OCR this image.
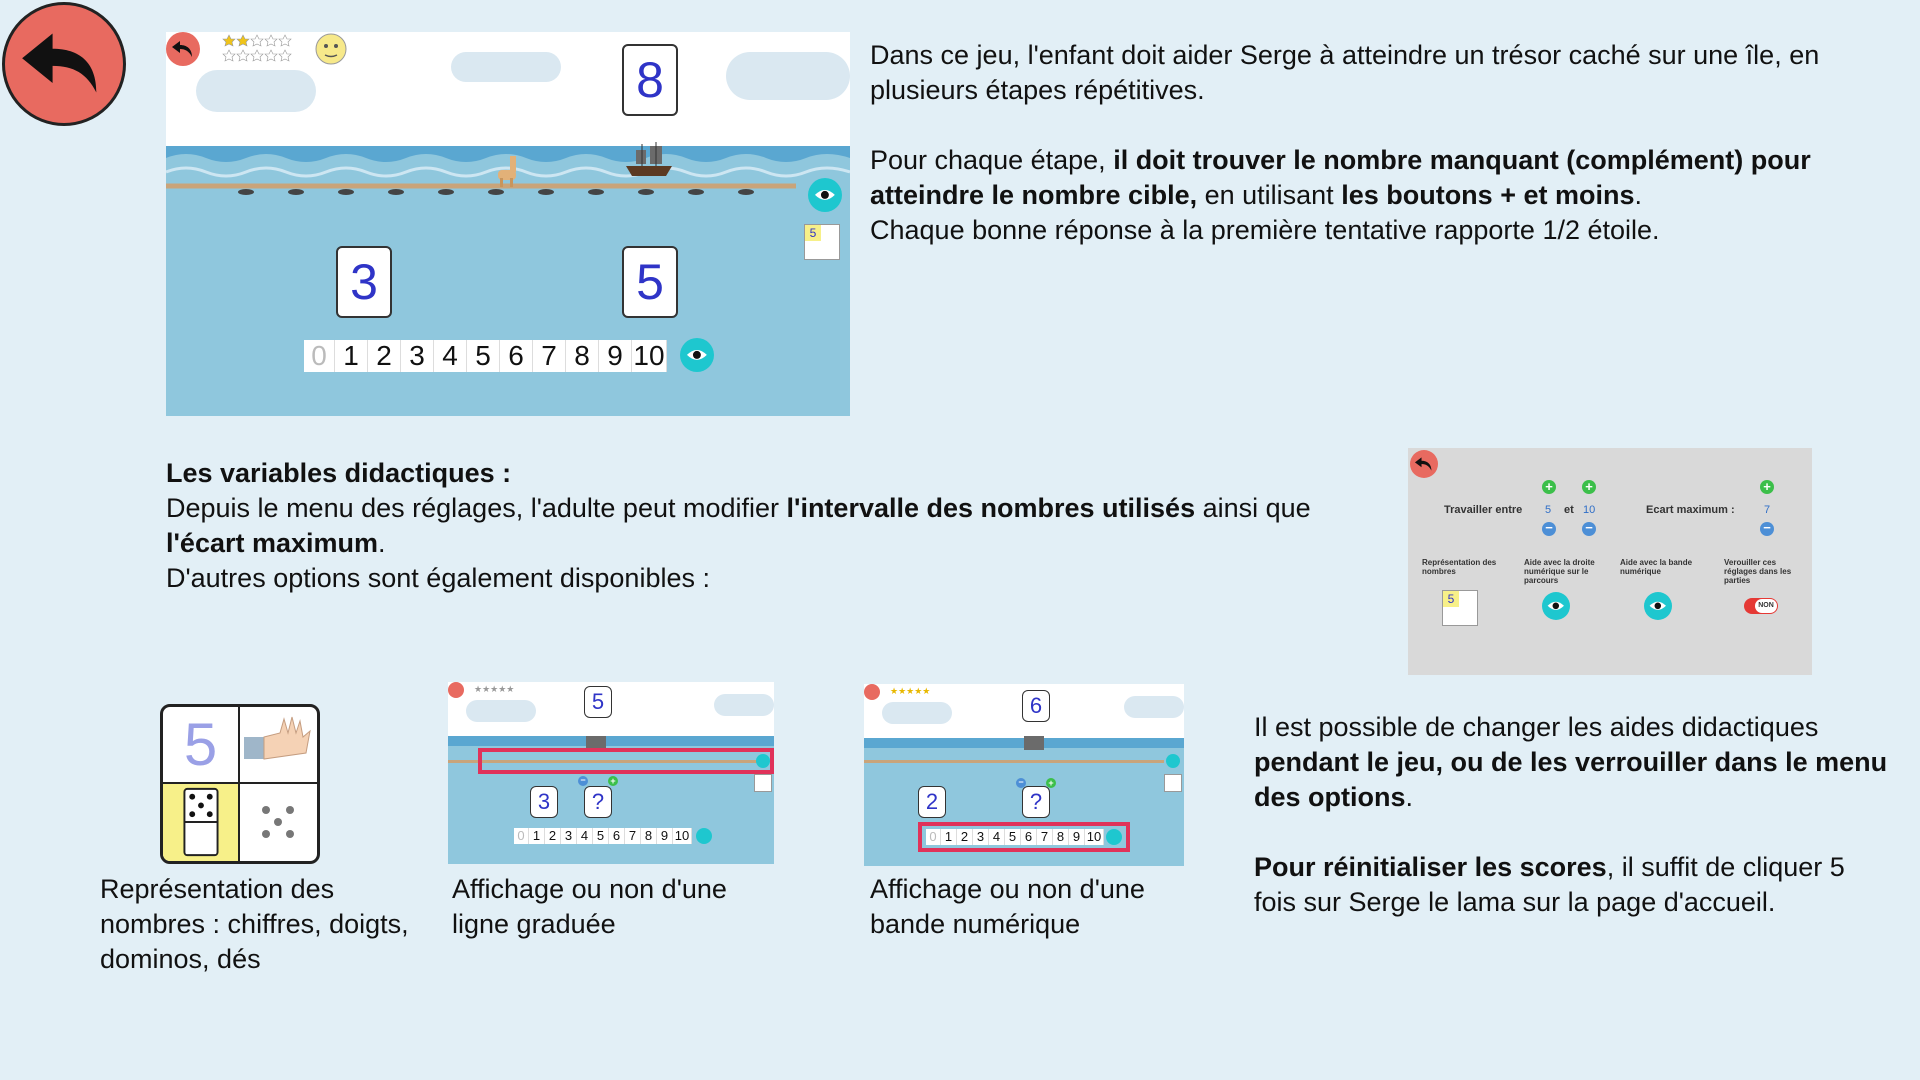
8
5
3	5
0 1 2 3 4 5 6 7 8 9 10
Dans ce jeu, l'enfant doit aider Serge à atteindre un trésor caché sur une île, en plusieurs étapes répétitives.
Pour chaque étape, il doit trouver le nombre manquant (complément) pour atteindre le nombre cible, en utilisant les boutons + et moins.
Chaque bonne réponse à la première tentative rapporte 1/2 étoile.
Les variables didactiques :
Depuis le menu des réglages, l'adulte peut modifier l'intervalle des nombres utilisés ainsi que l'écart maximum.
D'autres options sont également disponibles :
+ +	+
Travailler entre 5 et 10	Ecart maximum :	7
− −	−
Représentation des nombres
Aide avec la droite numérique sur le parcours
Aide avec la bande numérique
Verouiller ces réglages dans les parties
5	NON
5
Représentation des nombres : chiffres, doigts, dominos, dés
★★★★★	5
−	+
3	?
0 1 2 3 4 5 6 7 8 9 10
Affichage ou non d'une ligne graduée
★★★★★
6
−	+
2	?
0 1 2 3 4 5 6 7 8 9 10
Affichage ou non d'une bande numérique
Il est possible de changer les aides didactiques pendant le jeu, ou de les verrouiller dans le menu des options.
Pour réinitialiser les scores, il suffit de cliquer 5 fois sur Serge le lama sur la page d'accueil.
